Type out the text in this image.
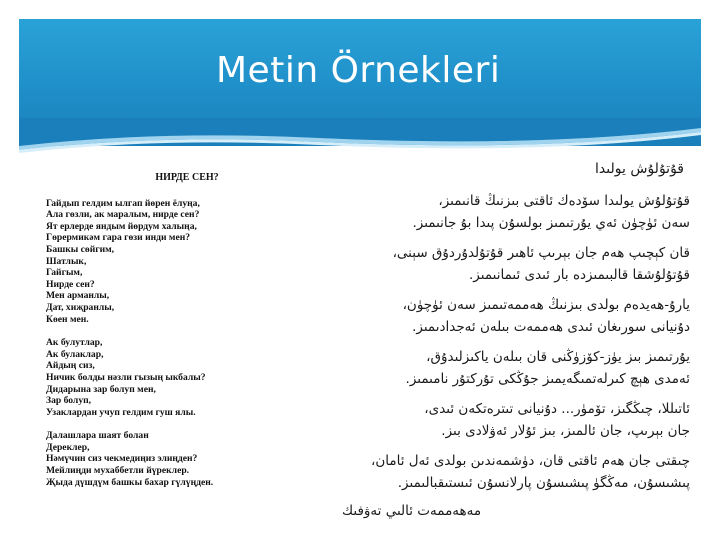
Metin Örnekleri
НИРДЕ СЕН?
Гайдып гелдим ылгап йөрен ёлуңа,
Ала гөзли, ак маралым, нирде сен?
Ят ерлерде яндым йөрдум халыңа,
Гөрермикәм гара гөзи инди мен?
Башкы сөйгим,
Шатлык,
Гайгым,
Нирде сен?
Мен арманлы,
Дат, хиҗранлы,
Көен мен.
Ак булутлар,
Ак булаклар,
Айдың сиз,
Ничик болды нәзли гызың ыкбалы?
Дидарына зар болуп мен,
Зар болуп,
Узаклардан учуп гелдим гуш ялы.
Далашлара шаят болан
Дереклер,
Нәмүчин сиз чекмедиңиз элиңден?
Мейлиңди мухаббетли йүреклер.
Җыда дүшдүм башкы бахар гүлүңден.
قۇتۇلۇش يولىدا
قۇتۇلۇش يولىدا سۆدەك ئاقتى بىزنىڭ قانىمىز،
سەن ئۈچۈن ئەي يۇرتىمىز بولسۇن پىدا بۇ جانىمىز.
قان كېچىپ ھەم جان بېرىپ ئاھىر قۇتۇلدۇردۇق سېنى،
قۇتۇلۇشقا قالبىمىزدە بار ئىدى ئىمانىمىز.
يارۇ-ھەيدەم بولدى بىزنىڭ ھەممەتىمىز سەن ئۈچۈن،
دۇنيانى سورىغان ئىدى ھەممەت بىلەن ئەجدادىمىز.
يۇرتىمىز بىز يۈز-كۆزۈڭنى قان بىلەن ياكىزلىدۇق،
ئەمدى ھېچ كىرلەتمىگەيمىز جۇڭكى تۇركتۇر نامىمىز.
ئاتىللا، چىڭگىز، تۆمۈر... دۇنيانى تىترەتكەن ئىدى،
جان بېرىپ، جان ئالمىز، بىز ئۇلار ئەۋلادى بىز.
چىقتى جان ھەم ئاقتى قان، دۈشمەندىن بولدى ئەل ئامان،
پىشىسۇن، مەڭگۈ پىشىسۇن پارلانسۇن ئىستىقبالىمىز.
مەھەممەت ئالىي تەۋفىك
